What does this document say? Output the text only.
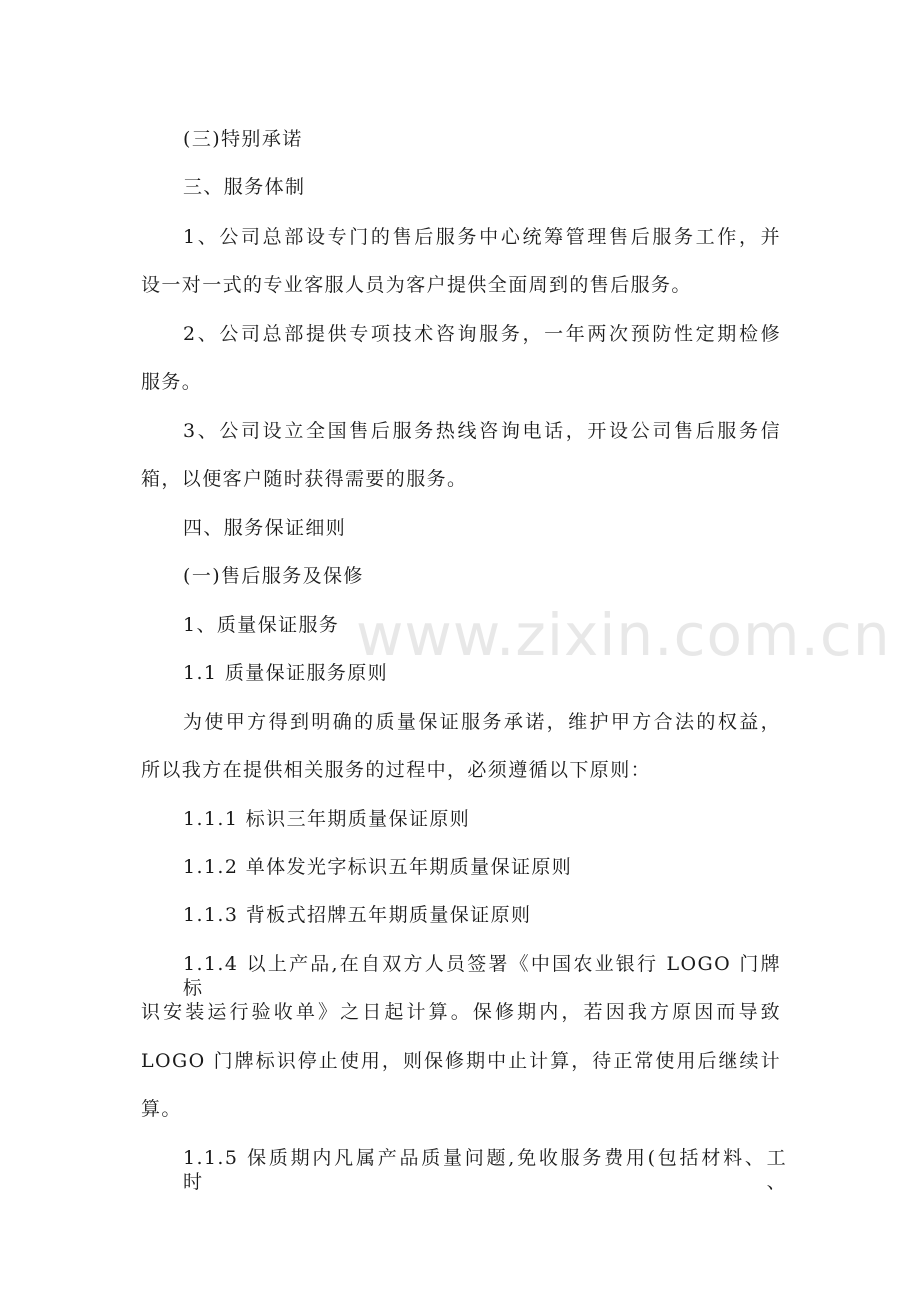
www.zixin.com.cn
(三)特别承诺
三、服务体制
1、公司总部设专门的售后服务中心统筹管理售后服务工作，并
设一对一式的专业客服人员为客户提供全面周到的售后服务。
2、公司总部提供专项技术咨询服务，一年两次预防性定期检修
服务。
3、公司设立全国售后服务热线咨询电话，开设公司售后服务信
箱，以便客户随时获得需要的服务。
四、服务保证细则
(一)售后服务及保修
1、质量保证服务
1.1 质量保证服务原则
为使甲方得到明确的质量保证服务承诺，维护甲方合法的权益，
所以我方在提供相关服务的过程中，必须遵循以下原则：
1.1.1 标识三年期质量保证原则
1.1.2 单体发光字标识五年期质量保证原则
1.1.3 背板式招牌五年期质量保证原则
1.1.4 以上产品,在自双方人员签署《中国农业银行 LOGO 门牌标
识安装运行验收单》之日起计算。保修期内，若因我方原因而导致
LOGO 门牌标识停止使用，则保修期中止计算，待正常使用后继续计
算。
1.1.5 保质期内凡属产品质量问题,免收服务费用(包括材料、工时、
